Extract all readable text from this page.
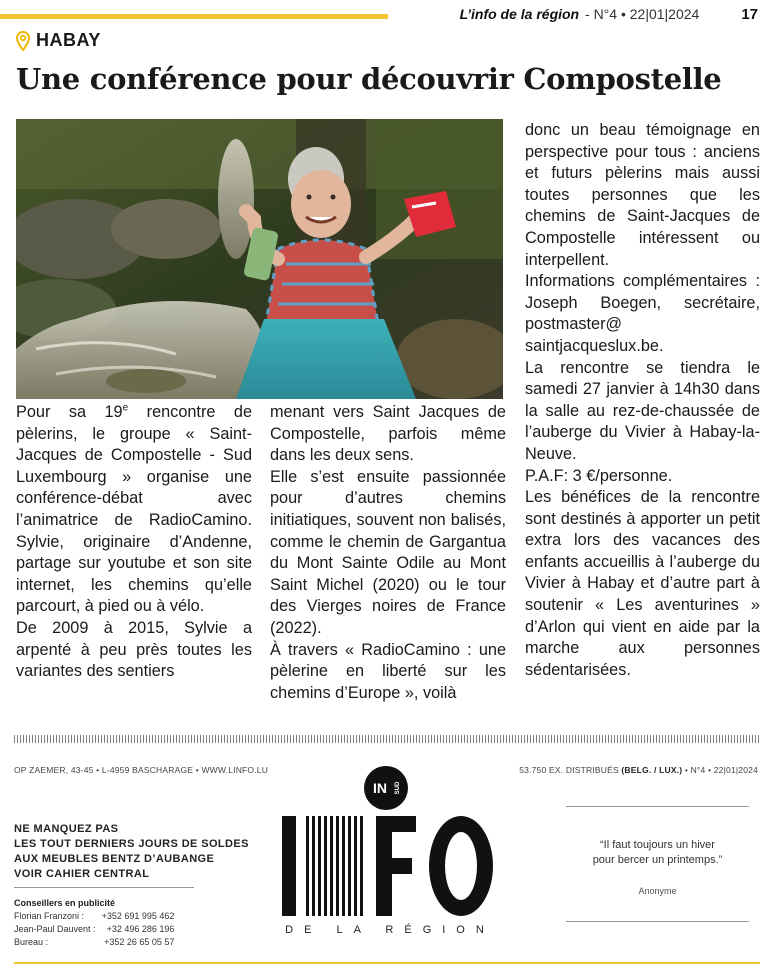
L’info de la région - N°4 • 22|01|2024	17
HABAY
Une conférence pour découvrir Compostelle

Pour sa 19e rencontre de pèlerins, le groupe « Saint-Jacques de Compostelle - Sud Luxembourg » organise une conférence-débat avec l’animatrice de RadioCamino. Sylvie, originaire d’Andenne, partage sur youtube et son site internet, les chemins qu’elle parcourt, à pied ou à vélo.

De 2009 à 2015, Sylvie a arpenté à peu près toutes les variantes des sentiers

menant vers Saint Jacques de Compostelle, parfois même dans les deux sens.

Elle s’est ensuite passionnée pour d’autres chemins initiatiques, souvent non balisés, comme le chemin de Gargantua du Mont Sainte Odile au Mont Saint Michel (2020) ou le tour des Vierges noires de France (2022).

À travers « RadioCamino : une pèlerine en liberté sur les chemins d’Europe », voilà

donc un beau témoignage en perspective pour tous : anciens et futurs pèlerins mais aussi toutes personnes que les chemins de Saint-Jacques de Compostelle intéressent ou interpellent.

Informations complémentaires : Joseph Boegen, secrétaire, postmaster@ saintjacqueslux.be.

La rencontre se tiendra le samedi 27 janvier à 14h30 dans la salle au rez-de-chaussée de l’auberge du Vivier à Habay-la-Neuve.

P.A.F: 3 €/personne.

Les bénéfices de la rencontre sont destinés à apporter un petit extra lors des vacances des enfants accueillis à l’auberge du Vivier à Habay et d’autre part à soutenir « Les aventurines » d’Arlon qui vient en aide par la marche aux personnes sédentarisées.

OP ZAEMER, 43-45 • L-4959 BASCHARAGE • WWW.LINFO.LU	53.750 EX. DISTRIBUÉS (BELG. / LUX.) • N°4 • 22|01|2024
NE MANQUEZ PAS
LES TOUT DERNIERS JOURS DE SOLDES
AUX MEUBLES BENTZ D’AUBANGE
VOIR CAHIER CENTRAL
Conseillers en publicité
Florian Franzoni :	+352 691 995 462
Jean-Paul Dauvent :	+32 496 286 196
Bureau :	+352 26 65 05 57
IN SUD
DE LA RÉGION
“Il faut toujours un hiver
pour bercer un printemps.”
Anonyme
